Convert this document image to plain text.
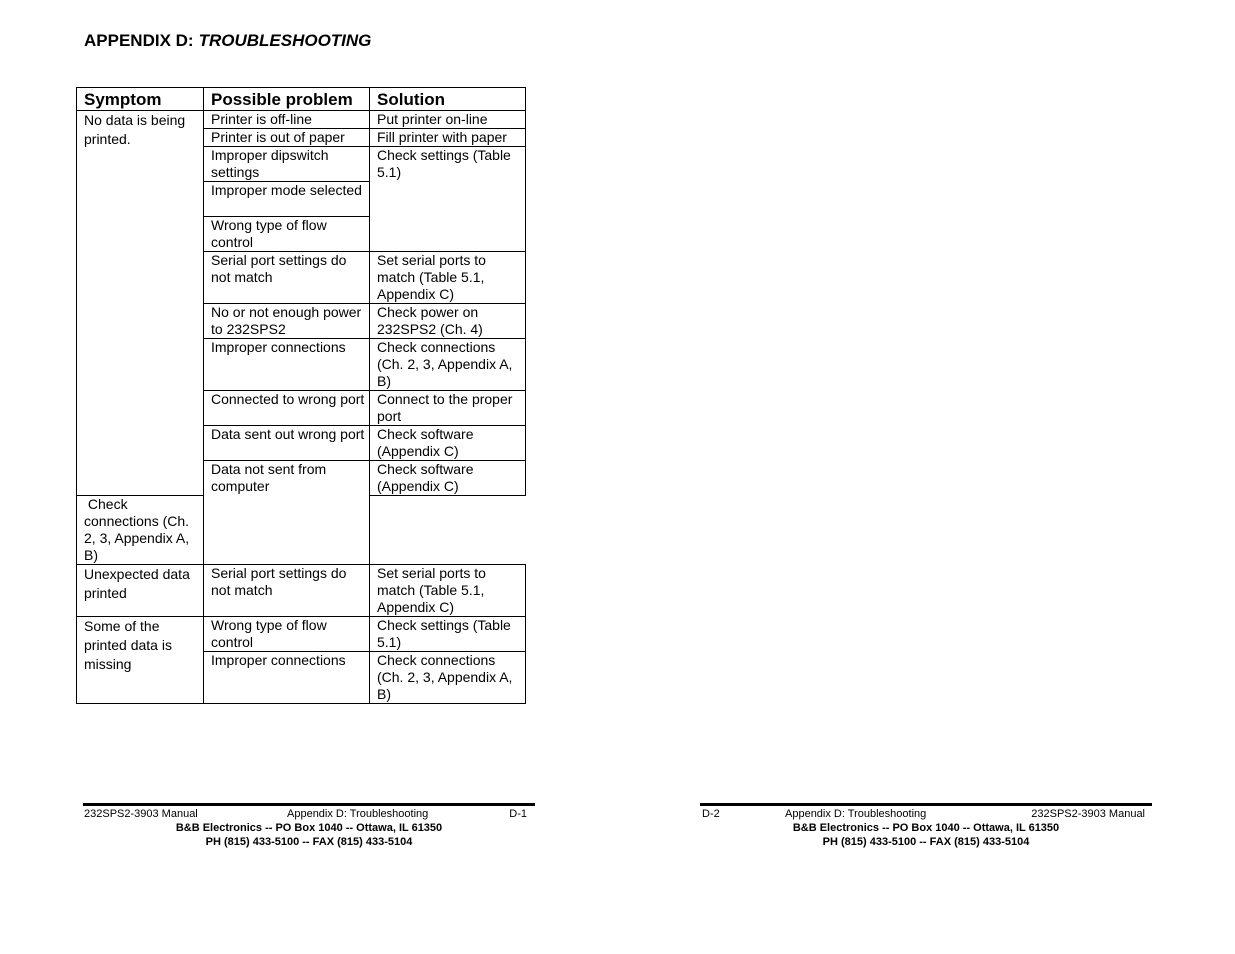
APPENDIX D: TROUBLESHOOTING
Symptom	Possible problem	Solution
No data is being printed.	Printer is off-line	Put printer on-line
	Printer is out of paper	Fill printer with paper
	Improper dipswitch settings	Check settings (Table 5.1)
	Improper mode selected	
	Wrong type of flow control	
	Serial port settings do not match	Set serial ports to match (Table 5.1, Appendix C)
	No or not enough power to 232SPS2	Check power on 232SPS2 (Ch. 4)
	Improper connections	Check connections (Ch. 2, 3, Appendix A, B)
	Connected to wrong port	Connect to the proper port
	Data sent out wrong port	Check software (Appendix C)
	Data not sent from computer	Check software (Appendix C)
Check connections (Ch. 2, 3, Appendix A, B)		
Unexpected data printed	Serial port settings do not match	Set serial ports to match (Table 5.1, Appendix C)
Some of the printed data is missing	Wrong type of flow control	Check settings (Table 5.1)
	Improper connections	Check connections (Ch. 2, 3, Appendix A, B)
232SPS2-3903 Manual	Appendix D: Troubleshooting	D-1
B&B Electronics -- PO Box 1040 -- Ottawa, IL 61350
PH (815) 433-5100 -- FAX (815) 433-5104
D-2	Appendix D: Troubleshooting	232SPS2-3903 Manual
B&B Electronics -- PO Box 1040 -- Ottawa, IL 61350
PH (815) 433-5100 -- FAX (815) 433-5104
